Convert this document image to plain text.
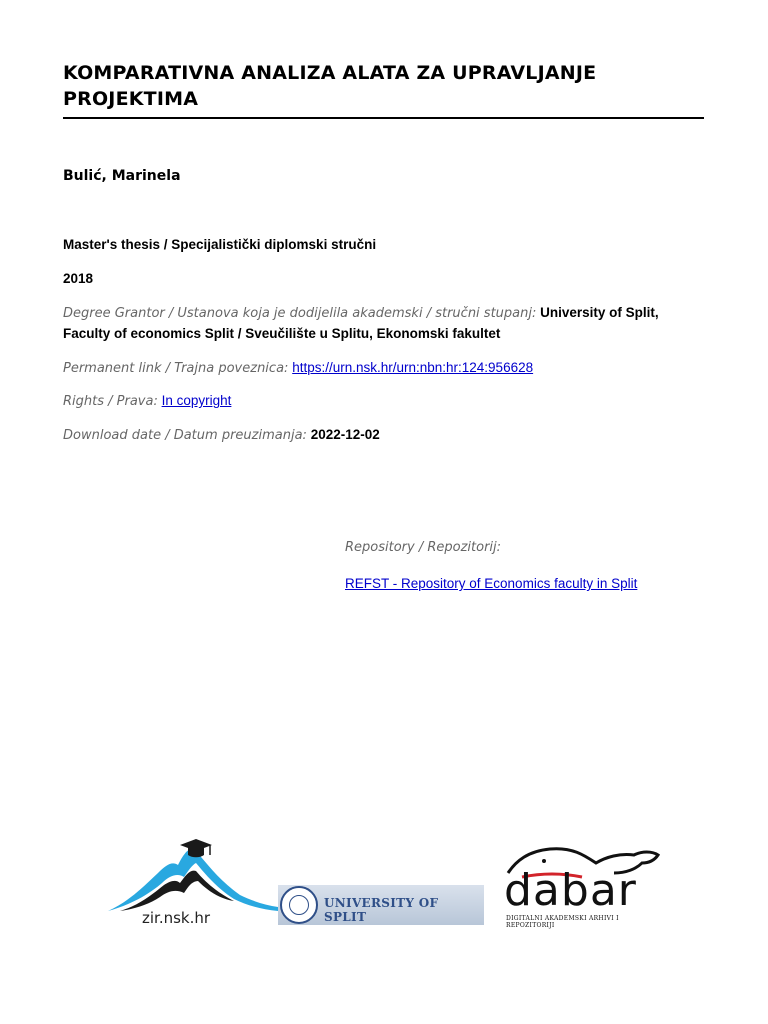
KOMPARATIVNA ANALIZA ALATA ZA UPRAVLJANJE PROJEKTIMA
Bulić, Marinela
Master's thesis / Specijalistički diplomski stručni
2018
Degree Grantor / Ustanova koja je dodijelila akademski / stručni stupanj: University of Split, Faculty of economics Split / Sveučilište u Splitu, Ekonomski fakultet
Permanent link / Trajna poveznica: https://urn.nsk.hr/urn:nbn:hr:124:956628
Rights / Prava: In copyright
Download date / Datum preuzimanja: 2022-12-02
Repository / Repozitorij:
REFST - Repository of Economics faculty in Split
zir.nsk.hr
UNIVERSITY OF SPLIT
dabar
DIGITALNI AKADEMSKI ARHIVI I REPOZITORIJI
